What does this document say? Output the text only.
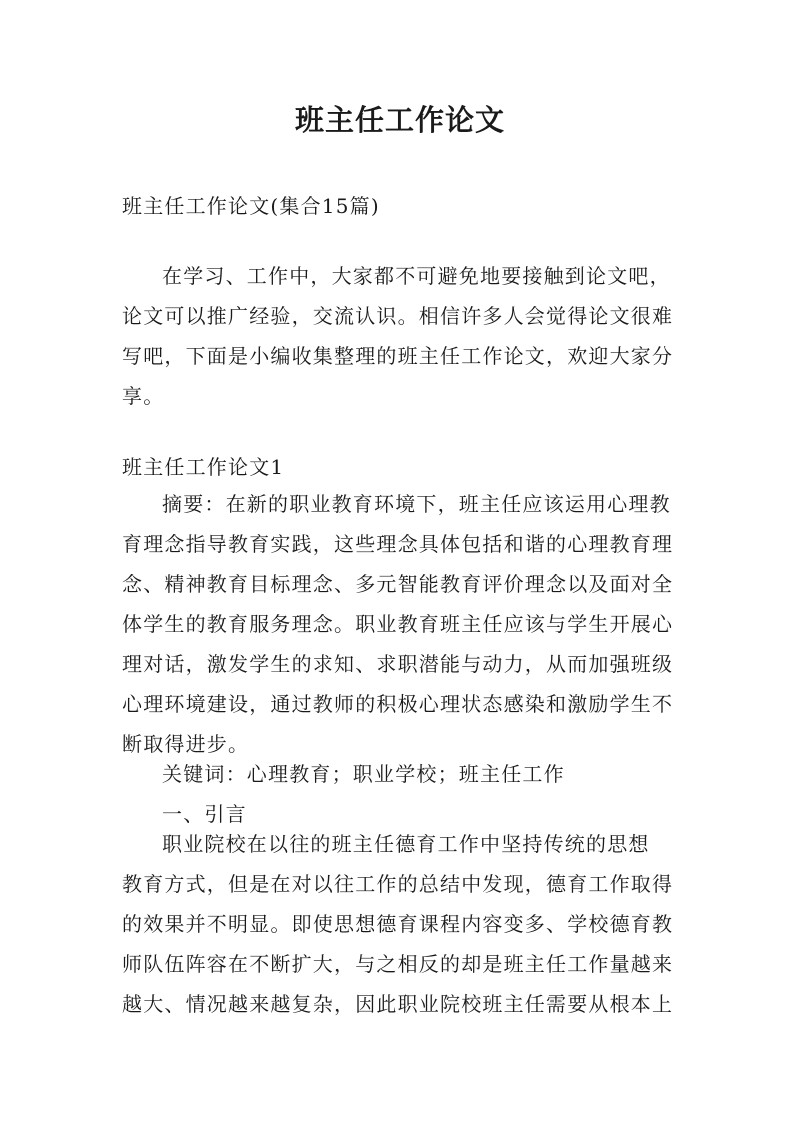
班主任工作论文
班主任工作论文(集合15篇)
在学习、工作中，大家都不可避免地要接触到论文吧，
论文可以推广经验，交流认识。相信许多人会觉得论文很难
写吧，下面是小编收集整理的班主任工作论文，欢迎大家分
享。
班主任工作论文1
摘要：在新的职业教育环境下，班主任应该运用心理教
育理念指导教育实践，这些理念具体包括和谐的心理教育理
念、精神教育目标理念、多元智能教育评价理念以及面对全
体学生的教育服务理念。职业教育班主任应该与学生开展心
理对话，激发学生的求知、求职潜能与动力，从而加强班级
心理环境建设，通过教师的积极心理状态感染和激励学生不
断取得进步。
关键词：心理教育；职业学校；班主任工作
一、引言
职业院校在以往的班主任德育工作中坚持传统的思想
教育方式，但是在对以往工作的总结中发现，德育工作取得
的效果并不明显。即使思想德育课程内容变多、学校德育教
师队伍阵容在不断扩大，与之相反的却是班主任工作量越来
越大、情况越来越复杂，因此职业院校班主任需要从根本上
